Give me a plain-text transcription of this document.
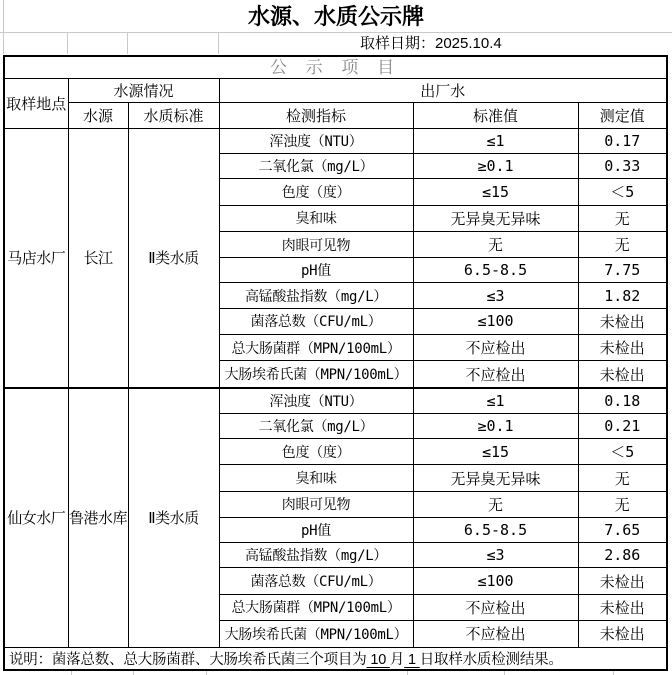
水源、水质公示牌
取样日期：2025.10.4
公 示 项 目					
取样地点	水源情况		出厂水		
	水源	水质标准	检测指标	标准值	测定值
马店水厂	长江	Ⅱ类水质	浑浊度（NTU）	≤1	0.17
			二氧化氯（mg/L）	≥0.1	0.33
			色度（度）	≤15	＜5
			臭和味	无异臭无异味	无
			肉眼可见物	无	无
			pH值	6.5-8.5	7.75
			高锰酸盐指数（mg/L）	≤3	1.82
			菌落总数（CFU/mL）	≤100	未检出
			总大肠菌群（MPN/100mL）	不应检出	未检出
			大肠埃希氏菌（MPN/100mL）	不应检出	未检出
仙女水厂	鲁港水库	Ⅱ类水质	浑浊度（NTU）	≤1	0.18
			二氧化氯（mg/L）	≥0.1	0.21
			色度（度）	≤15	＜5
			臭和味	无异臭无异味	无
			肉眼可见物	无	无
			pH值	6.5-8.5	7.65
			高锰酸盐指数（mg/L）	≤3	2.86
			菌落总数（CFU/mL）	≤100	未检出
			总大肠菌群（MPN/100mL）	不应检出	未检出
			大肠埃希氏菌（MPN/100mL）	不应检出	未检出
说明：菌落总数、总大肠菌群、大肠埃希氏菌三个项目为 10 月 1 日取样水质检测结果。					
